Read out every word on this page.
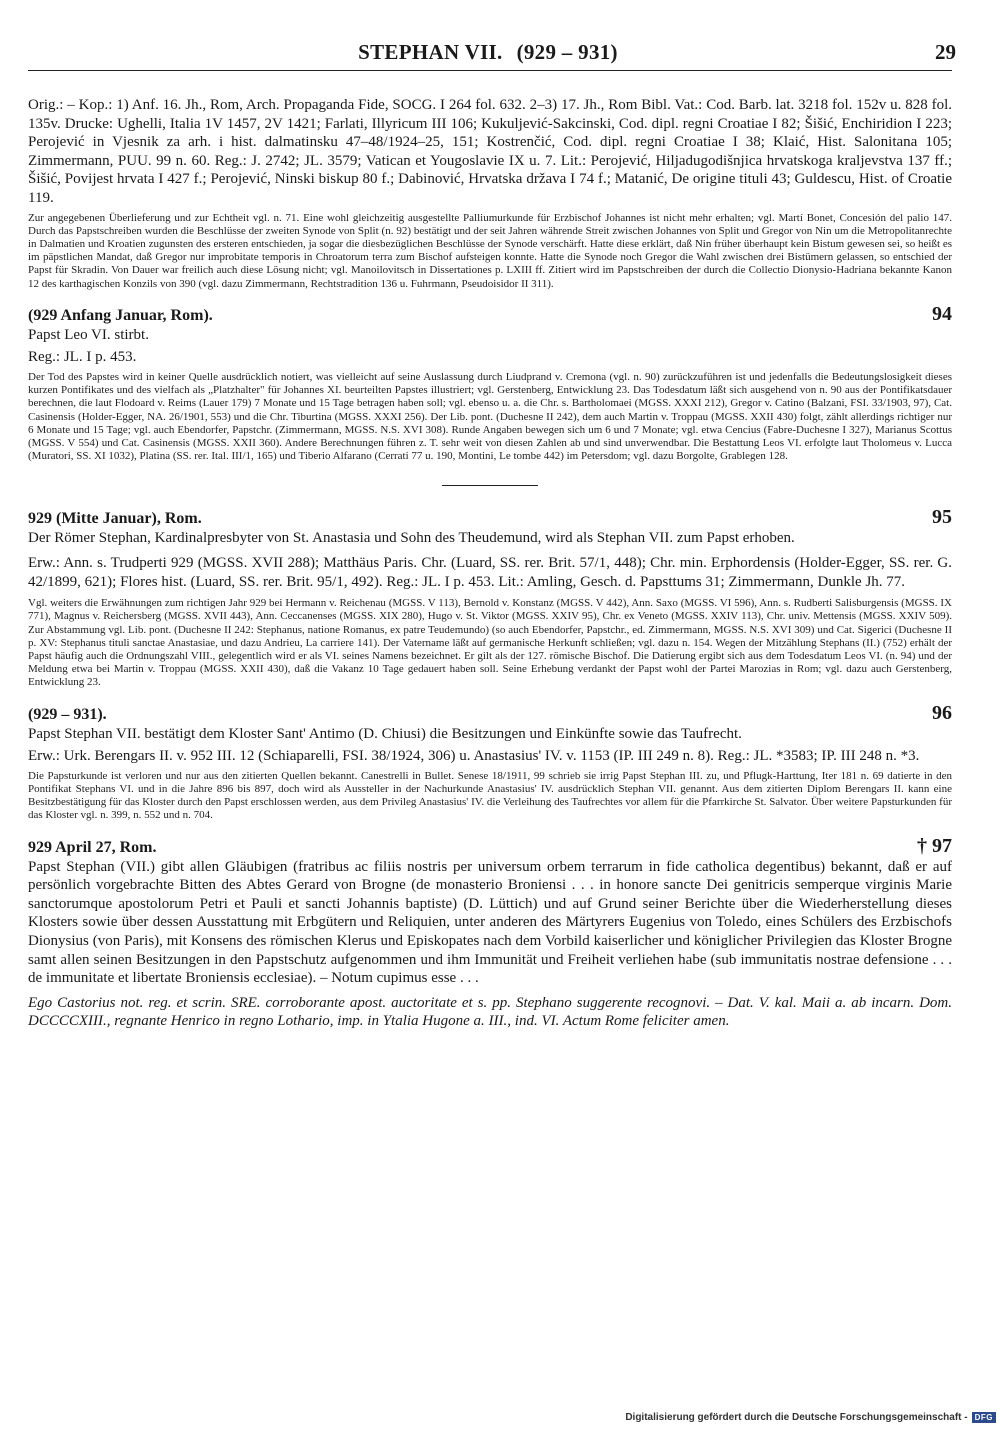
STEPHAN VII. (929 – 931)	29

Orig.: – Kop.: 1) Anf. 16. Jh., Rom, Arch. Propaganda Fide, SOCG. I 264 fol. 632. 2–3) 17. Jh., Rom Bibl. Vat.: Cod. Barb. lat. 3218 fol. 152v u. 828 fol. 135v. Drucke: Ughelli, Italia 1V 1457, 2V 1421; Farlati, Illyricum III 106; Kukuljević-Sakcinski, Cod. dipl. regni Croatiae I 82; Šišić, Enchiridion I 223; Perojević in Vjesnik za arh. i hist. dalmatinsku 47–48/1924–25, 151; Kostrenčić, Cod. dipl. regni Croatiae I 38; Klaić, Hist. Salonitana 105; Zimmermann, PUU. 99 n. 60. Reg.: J. 2742; JL. 3579; Vatican et Yougoslavie IX u. 7. Lit.: Perojević, Hiljadugodišnjica hrvatskoga kraljevstva 137 ff.; Šišić, Povijest hrvata I 427 f.; Perojević, Ninski biskup 80 f.; Dabinović, Hrvatska država I 74 f.; Matanić, De origine tituli 43; Guldescu, Hist. of Croatie 119.

Zur angegebenen Überlieferung und zur Echtheit vgl. n. 71. Eine wohl gleichzeitig ausgestellte Palliumurkunde für Erzbischof Johannes ist nicht mehr erhalten; vgl. Martí Bonet, Concesión del palio 147. Durch das Papstschreiben wurden die Beschlüsse der zweiten Synode von Split (n. 92) bestätigt und der seit Jahren währende Streit zwischen Johannes von Split und Gregor von Nin um die Metropolitanrechte in Dalmatien und Kroatien zugunsten des ersteren entschieden, ja sogar die diesbezüglichen Beschlüsse der Synode verschärft. Hatte diese erklärt, daß Nin früher überhaupt kein Bistum gewesen sei, so heißt es im päpstlichen Mandat, daß Gregor nur improbitate temporis in Chroatorum terra zum Bischof aufsteigen konnte. Hatte die Synode noch Gregor die Wahl zwischen drei Bistümern gelassen, so entschied der Papst für Skradin. Von Dauer war freilich auch diese Lösung nicht; vgl. Manoilovitsch in Dissertationes p. LXIII ff. Zitiert wird im Papstschreiben der durch die Collectio Dionysio-Hadriana bekannte Kanon 12 des karthagischen Konzils von 390 (vgl. dazu Zimmermann, Rechtstradition 136 u. Fuhrmann, Pseudoisidor II 311).

(929 Anfang Januar, Rom).	94

Papst Leo VI. stirbt.

Reg.: JL. I p. 453.

Der Tod des Papstes wird in keiner Quelle ausdrücklich notiert, was vielleicht auf seine Auslassung durch Liudprand v. Cremona (vgl. n. 90) zurückzuführen ist und jedenfalls die Bedeutungslosigkeit dieses kurzen Pontifikates und des vielfach als „Platzhalter" für Johannes XI. beurteilten Papstes illustriert; vgl. Gerstenberg, Entwicklung 23. Das Todesdatum läßt sich ausgehend von n. 90 aus der Pontifikatsdauer berechnen, die laut Flodoard v. Reims (Lauer 179) 7 Monate und 15 Tage betragen haben soll; vgl. ebenso u. a. die Chr. s. Bartholomaei (MGSS. XXXI 212), Gregor v. Catino (Balzani, FSI. 33/1903, 97), Cat. Casinensis (Holder-Egger, NA. 26/1901, 553) und die Chr. Tiburtina (MGSS. XXXI 256). Der Lib. pont. (Duchesne II 242), dem auch Martin v. Troppau (MGSS. XXII 430) folgt, zählt allerdings richtiger nur 6 Monate und 15 Tage; vgl. auch Ebendorfer, Papstchr. (Zimmermann, MGSS. N.S. XVI 308). Runde Angaben bewegen sich um 6 und 7 Monate; vgl. etwa Cencius (Fabre-Duchesne I 327), Marianus Scottus (MGSS. V 554) und Cat. Casinensis (MGSS. XXII 360). Andere Berechnungen führen z. T. sehr weit von diesen Zahlen ab und sind unverwendbar. Die Bestattung Leos VI. erfolgte laut Tholomeus v. Lucca (Muratori, SS. XI 1032), Platina (SS. rer. Ital. III/1, 165) und Tiberio Alfarano (Cerrati 77 u. 190, Montini, Le tombe 442) im Petersdom; vgl. dazu Borgolte, Grablegen 128.

929 (Mitte Januar), Rom.	95

Der Römer Stephan, Kardinalpresbyter von St. Anastasia und Sohn des Theudemund, wird als Stephan VII. zum Papst erhoben.

Erw.: Ann. s. Trudperti 929 (MGSS. XVII 288); Matthäus Paris. Chr. (Luard, SS. rer. Brit. 57/1, 448); Chr. min. Erphordensis (Holder-Egger, SS. rer. G. 42/1899, 621); Flores hist. (Luard, SS. rer. Brit. 95/1, 492). Reg.: JL. I p. 453. Lit.: Amling, Gesch. d. Papsttums 31; Zimmermann, Dunkle Jh. 77.

Vgl. weiters die Erwähnungen zum richtigen Jahr 929 bei Hermann v. Reichenau (MGSS. V 113), Bernold v. Konstanz (MGSS. V 442), Ann. Saxo (MGSS. VI 596), Ann. s. Rudberti Salisburgensis (MGSS. IX 771), Magnus v. Reichersberg (MGSS. XVII 443), Ann. Ceccanenses (MGSS. XIX 280), Hugo v. St. Viktor (MGSS. XXIV 95), Chr. ex Veneto (MGSS. XXIV 113), Chr. univ. Mettensis (MGSS. XXIV 509). Zur Abstammung vgl. Lib. pont. (Duchesne II 242: Stephanus, natione Romanus, ex patre Teudemundo) (so auch Ebendorfer, Papstchr., ed. Zimmermann, MGSS. N.S. XVI 309) und Cat. Sigerici (Duchesne II p. XV: Stephanus tituli sanctae Anastasiae, und dazu Andrieu, La carriere 141). Der Vatername läßt auf germanische Herkunft schließen; vgl. dazu n. 154. Wegen der Mitzählung Stephans (II.) (752) erhält der Papst häufig auch die Ordnungszahl VIII., gelegentlich wird er als VI. seines Namens bezeichnet. Er gilt als der 127. römische Bischof. Die Datierung ergibt sich aus dem Todesdatum Leos VI. (n. 94) und der Meldung etwa bei Martin v. Troppau (MGSS. XXII 430), daß die Vakanz 10 Tage gedauert haben soll. Seine Erhebung verdankt der Papst wohl der Partei Marozias in Rom; vgl. dazu auch Gerstenberg, Entwicklung 23.

(929 – 931).	96

Papst Stephan VII. bestätigt dem Kloster Sant' Antimo (D. Chiusi) die Besitzungen und Einkünfte sowie das Taufrecht.

Erw.: Urk. Berengars II. v. 952 III. 12 (Schiaparelli, FSI. 38/1924, 306) u. Anastasius' IV. v. 1153 (IP. III 249 n. 8). Reg.: JL. *3583; IP. III 248 n. *3.

Die Papsturkunde ist verloren und nur aus den zitierten Quellen bekannt. Canestrelli in Bullet. Senese 18/1911, 99 schrieb sie irrig Papst Stephan III. zu, und Pflugk-Harttung, Iter 181 n. 69 datierte in den Pontifikat Stephans VI. und in die Jahre 896 bis 897, doch wird als Aussteller in der Nachurkunde Anastasius' IV. ausdrücklich Stephan VII. genannt. Aus dem zitierten Diplom Berengars II. kann eine Besitzbestätigung für das Kloster durch den Papst erschlossen werden, aus dem Privileg Anastasius' IV. die Verleihung des Taufrechtes vor allem für die Pfarrkirche St. Salvator. Über weitere Papsturkunden für das Kloster vgl. n. 399, n. 552 und n. 704.

929 April 27, Rom.	† 97

Papst Stephan (VII.) gibt allen Gläubigen (fratribus ac filiis nostris per universum orbem terrarum in fide catholica degentibus) bekannt, daß er auf persönlich vorgebrachte Bitten des Abtes Gerard von Brogne (de monasterio Broniensi . . . in honore sancte Dei genitricis semperque virginis Marie sanctorumque apostolorum Petri et Pauli et sancti Johannis baptiste) (D. Lüttich) und auf Grund seiner Berichte über die Wiederherstellung dieses Klosters sowie über dessen Ausstattung mit Erbgütern und Reliquien, unter anderen des Märtyrers Eugenius von Toledo, eines Schülers des Erzbischofs Dionysius (von Paris), mit Konsens des römischen Klerus und Episkopates nach dem Vorbild kaiserlicher und königlicher Privilegien das Kloster Brogne samt allen seinen Besitzungen in den Papstschutz aufgenommen und ihm Immunität und Freiheit verliehen habe (sub immunitatis nostrae defensione . . . de immunitate et libertate Broniensis ecclesiae). – Notum cupimus esse . . .

Ego Castorius not. reg. et scrin. SRE. corroborante apost. auctoritate et s. pp. Stephano suggerente recognovi. – Dat. V. kal. Maii a. ab incarn. Dom. DCCCCXIII., regnante Henrico in regno Lothario, imp. in Ytalia Hugone a. III., ind. VI. Actum Rome feliciter amen.

Digitalisierung gefördert durch die Deutsche Forschungsgemeinschaft - DFG
